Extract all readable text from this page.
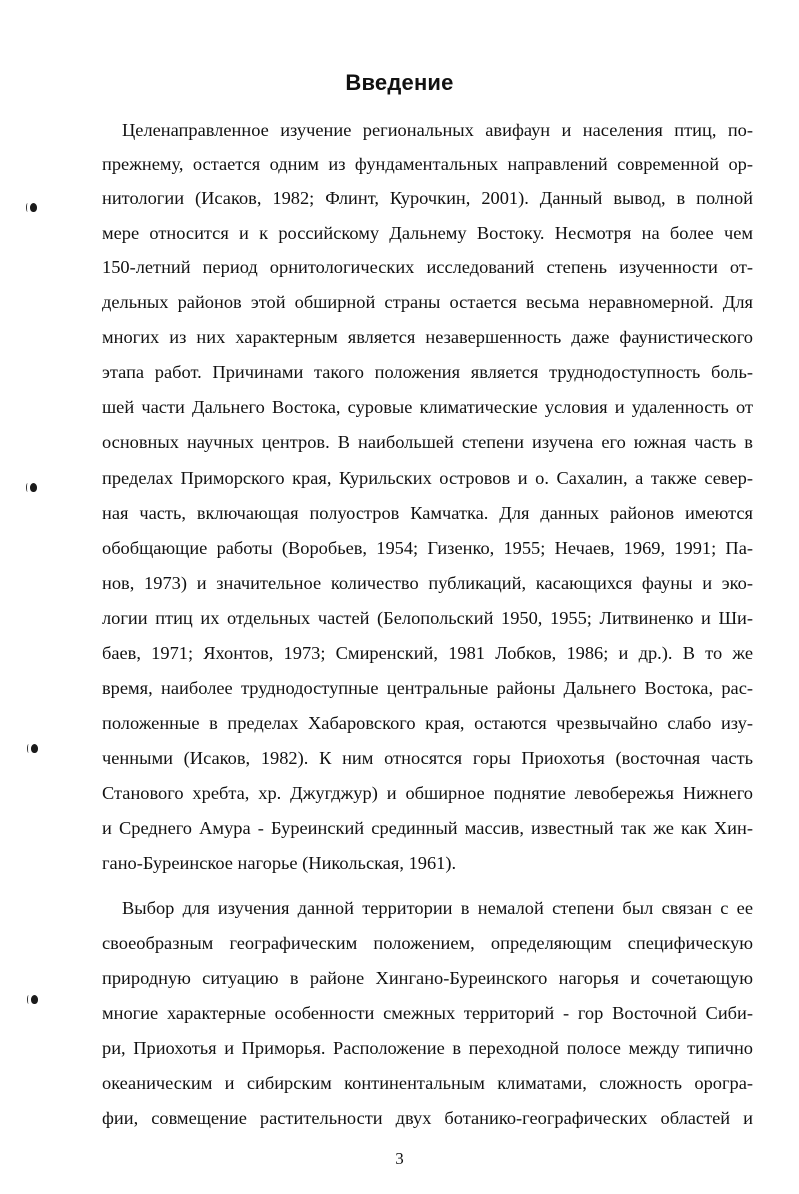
Введение
Целенаправленное изучение региональных авифаун и населения птиц, по-
прежнему, остается одним из фундаментальных направлений современной ор-
нитологии (Исаков, 1982; Флинт, Курочкин, 2001). Данный вывод, в полной
мере относится и к российскому Дальнему Востоку. Несмотря на более чем
150-летний период орнитологических исследований степень изученности от-
дельных районов этой обширной страны остается весьма неравномерной. Для
многих из них характерным является незавершенность даже фаунистического
этапа работ. Причинами такого положения является труднодоступность боль-
шей части Дальнего Востока, суровые климатические условия и удаленность от
основных научных центров. В наибольшей степени изучена его южная часть в
пределах Приморского края, Курильских островов и о. Сахалин, а также север-
ная часть, включающая полуостров Камчатка. Для данных районов имеются
обобщающие работы (Воробьев, 1954; Гизенко, 1955; Нечаев, 1969, 1991; Па-
нов, 1973) и значительное количество публикаций, касающихся фауны и эко-
логии птиц их отдельных частей (Белопольский 1950, 1955; Литвиненко и Ши-
баев, 1971; Яхонтов, 1973; Смиренский, 1981 Лобков, 1986; и др.). В то же
время, наиболее труднодоступные центральные районы Дальнего Востока, рас-
положенные в пределах Хабаровского края, остаются чрезвычайно слабо изу-
ченными (Исаков, 1982). К ним относятся горы Приохотья (восточная часть
Станового хребта, хр. Джугджур) и обширное поднятие левобережья Нижнего
и Среднего Амура - Буреинский срединный массив, известный так же как Хин-
гано-Буреинское нагорье (Никольская, 1961).
Выбор для изучения данной территории в немалой степени был связан с ее
своеобразным географическим положением, определяющим специфическую
природную ситуацию в районе Хингано-Буреинского нагорья и сочетающую
многие характерные особенности смежных территорий - гор Восточной Сиби-
ри, Приохотья и Приморья. Расположение в переходной полосе между типично
океаническим и сибирским континентальным климатами, сложность орогра-
фии, совмещение растительности двух ботанико-географических областей и
3
